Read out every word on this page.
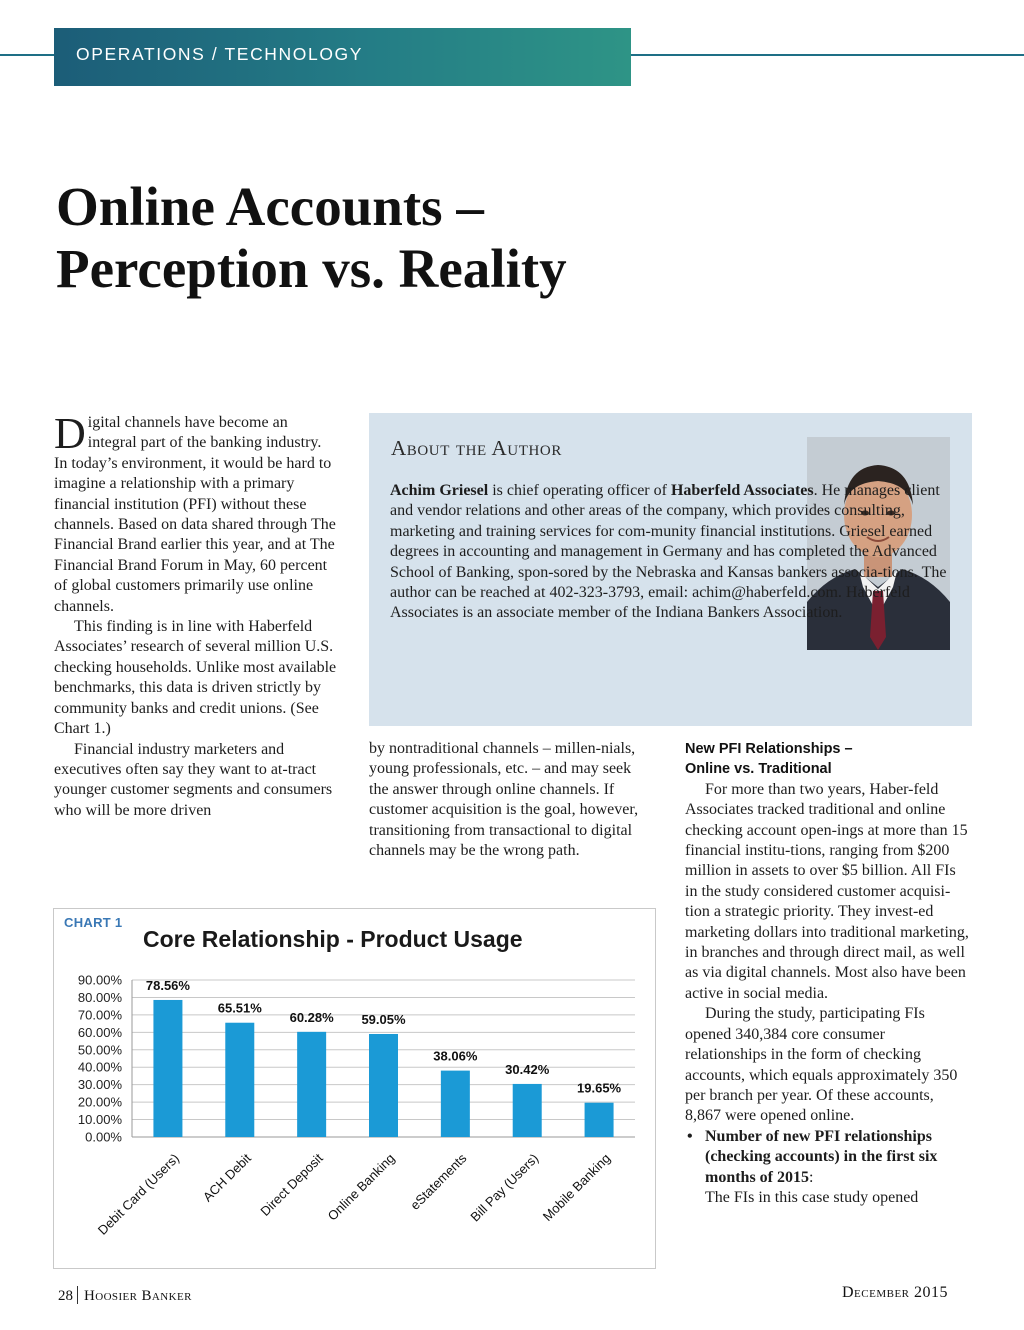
OPERATIONS / TECHNOLOGY
Online Accounts –
Perception vs. Reality

Digital channels have become an integral part of the banking industry. In today’s environment, it would be hard to imagine a relationship with a primary financial institution (PFI) without these channels. Based on data shared through The Financial Brand earlier this year, and at The Financial Brand Forum in May, 60 percent of global customers primarily use online channels.

This finding is in line with Haberfeld Associates’ research of several million U.S. checking households. Unlike most available benchmarks, this data is driven strictly by community banks and credit unions. (See Chart 1.)

Financial industry marketers and executives often say they want to at-tract younger customer segments and consumers who will be more driven

About the Author

Achim Griesel is chief operating officer of Haberfeld Associates. He manages client and vendor relations and other areas of the company, which provides consulting, marketing and training services for com-munity financial institutions. Griesel earned degrees in accounting and management in Germany and has completed the Advanced School of Banking, spon-sored by the Nebraska and Kansas bankers associa-tions. The author can be reached at 402-323-3793, email: achim@haberfeld.com. Haberfeld Associates is an associate member of the Indiana Bankers Association.

by nontraditional channels – millen-nials, young professionals, etc. – and may seek the answer through online channels. If customer acquisition is the goal, however, transitioning from transactional to digital channels may be the wrong path.

New PFI Relationships –
Online vs. Traditional

For more than two years, Haber-feld Associates tracked traditional and online checking account open-ings at more than 15 financial institu-tions, ranging from $200 million in assets to over $5 billion. All FIs in the study considered customer acquisi-tion a strategic priority. They invest-ed marketing dollars into traditional marketing, in branches and through direct mail, as well as via digital channels. Most also have been active in social media.

During the study, participating FIs opened 340,384 core consumer relationships in the form of checking accounts, which equals approximately 350 per branch per year. Of these accounts, 8,867 were opened online.

• Number of new PFI relationships (checking accounts) in the first six months of 2015:

The FIs in this case study opened

CHART 1
Core Relationship - Product Usage
90.00%
80.00%
70.00%
60.00%
50.00%
40.00%
30.00%
20.00%
10.00%
0.00%
78.56%
Debit Card (Users)
65.51%
ACH Debit
60.28%
Direct Deposit
59.05%
Online Banking
38.06%
eStatements
30.42%
Bill Pay (Users)
19.65%
Mobile Banking
28 Hoosier Banker	December 2015
